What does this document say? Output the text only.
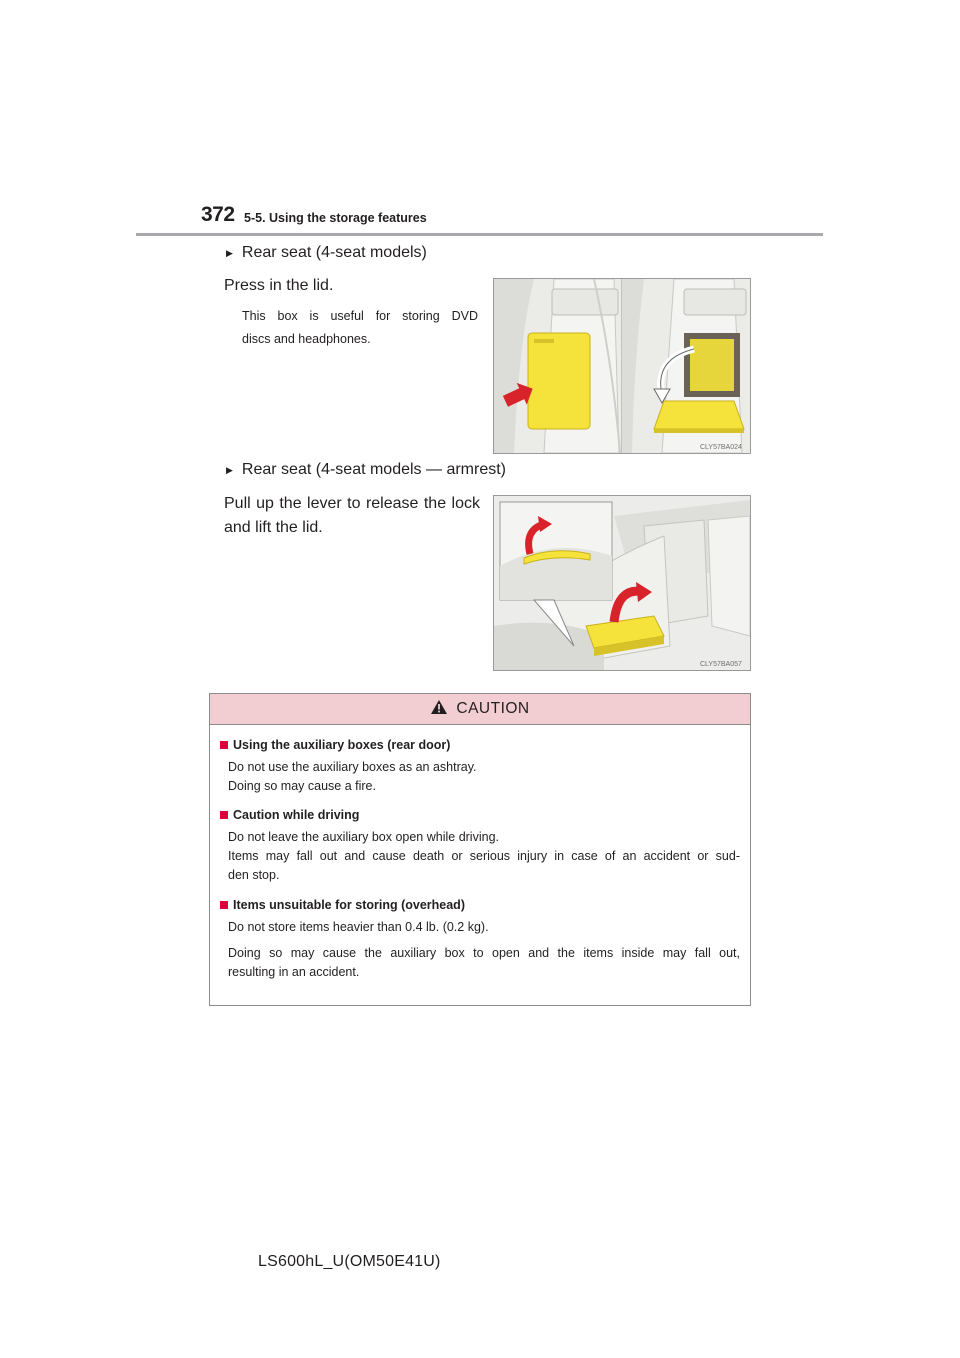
372 5-5. Using the storage features
▶ Rear seat (4-seat models)
Press in the lid.
This box is useful for storing DVD
discs and headphones.
CLY57BA024
▶ Rear seat (4-seat models — armrest)
Pull up the lever to release the lock
and lift the lid.
CLY57BA057
CAUTION
Using the auxiliary boxes (rear door)
Do not use the auxiliary boxes as an ashtray.
Doing so may cause a fire.
Caution while driving
Do not leave the auxiliary box open while driving.
Items may fall out and cause death or serious injury in case of an accident or sud-
den stop.
Items unsuitable for storing (overhead)
Do not store items heavier than 0.4 lb. (0.2 kg).
Doing so may cause the auxiliary box to open and the items inside may fall out,
resulting in an accident.
LS600hL_U(OM50E41U)
